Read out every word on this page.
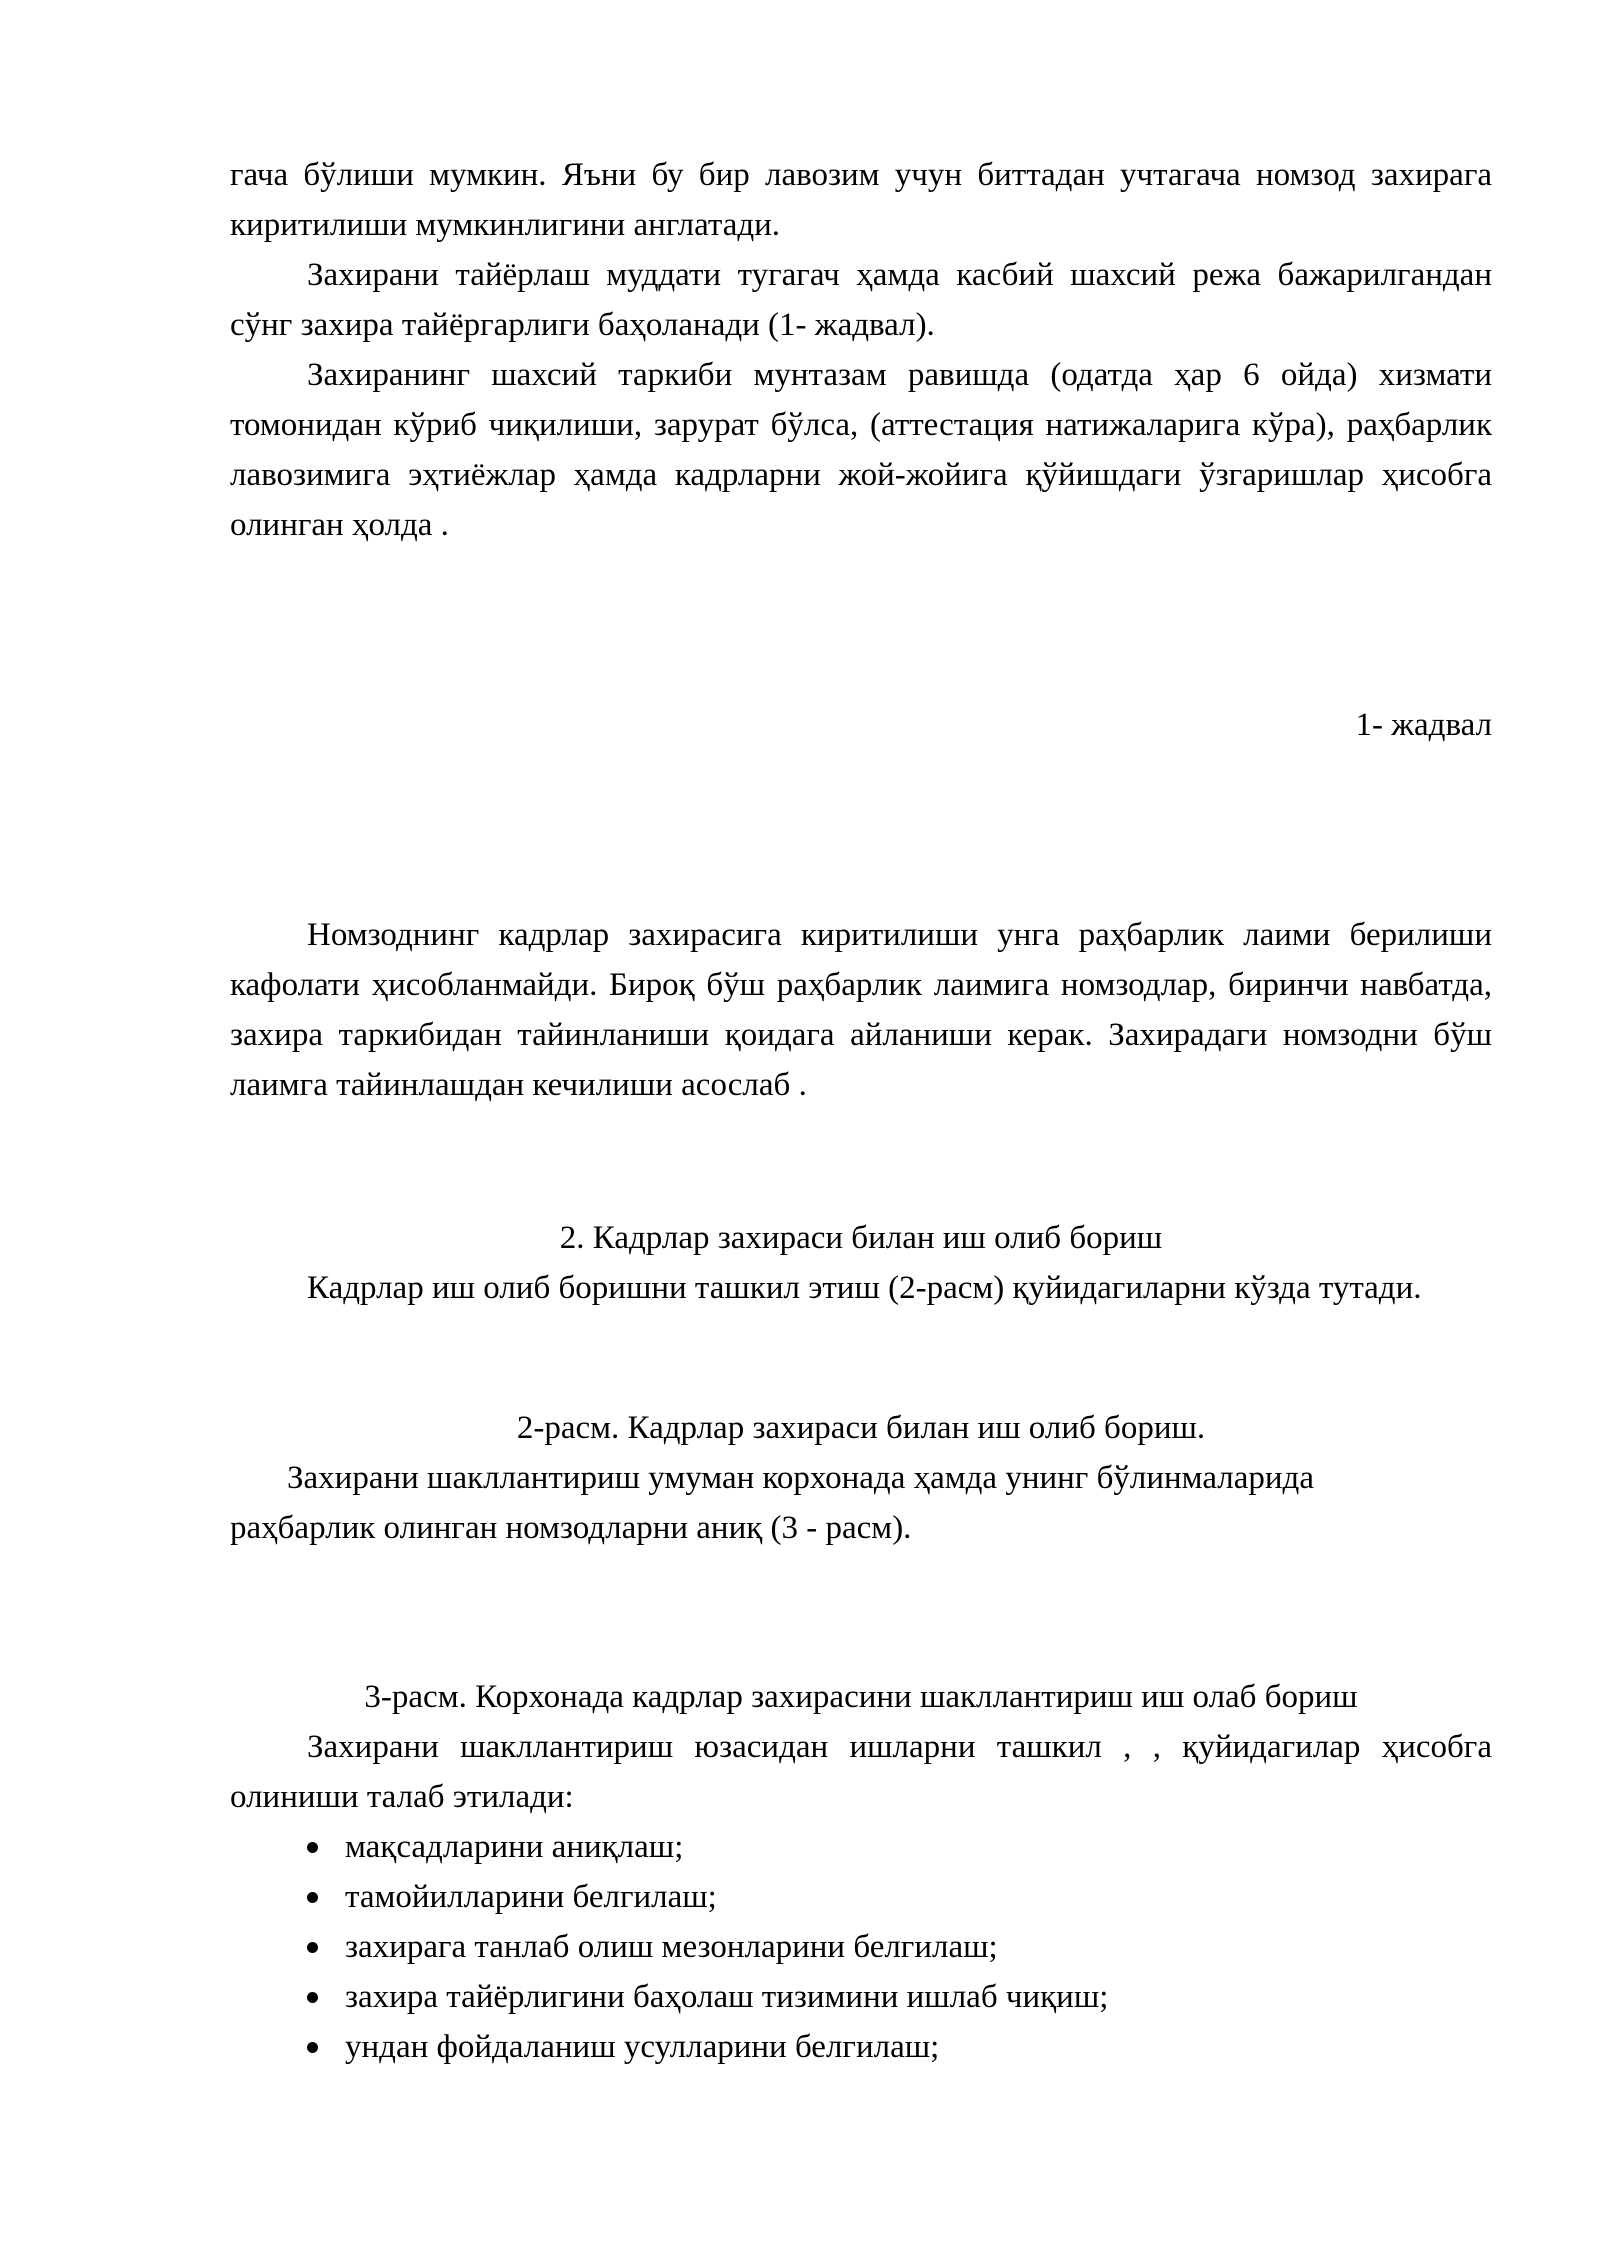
гача бўлиши мумкин. Яъни бу бир лавозим учун биттадан учтагача номзод захирага киритилиши мумкинлигини англатади.

Захирани тайёрлаш муддати тугагач ҳамда касбий шахсий режа бажарилгандан сўнг захира тайёргарлиги баҳоланади (1- жадвал).

Захиранинг шахсий таркиби мунтазам равишда (одатда ҳар 6 ойда) хизмати томонидан кўриб чиқилиши, зарурат бўлса, (аттестация натижаларига кўра), раҳбарлик лавозимига эҳтиёжлар ҳамда кадрларни жой-жойига қўйишдаги ўзгаришлар ҳисобга олинган ҳолда .

1- жадвал

Номзоднинг кадрлар захирасига киритилиши унга раҳбарлик лаими берилиши кафолати ҳисобланмайди. Бироқ бўш раҳбарлик лаимига номзодлар, биринчи навбатда, захира таркибидан тайинланиши қоидага айланиши керак. Захирадаги номзодни бўш лаимга тайинлашдан кечилиши асослаб .

2. Кадрлар захираси билан иш олиб бориш

Кадрлар иш олиб боришни ташкил этиш (2-расм) қуйидагиларни кўзда тутади.

2-расм. Кадрлар захираси билан иш олиб бориш.

Захирани шакллантириш умуман корхонада ҳамда унинг бўлинмаларида

раҳбарлик олинган номзодларни аниқ (3 - расм).

3-расм. Корхонада кадрлар захирасини шакллантириш иш олаб бориш

Захирани шакллантириш юзасидан ишларни ташкил , , қуйидагилар ҳисобга олиниши талаб этилади:

мақсадларини аниқлаш;
тамойилларини белгилаш;
захирага танлаб олиш мезонларини белгилаш;
захира тайёрлигини баҳолаш тизимини ишлаб чиқиш;
ундан фойдаланиш усулларини белгилаш;
